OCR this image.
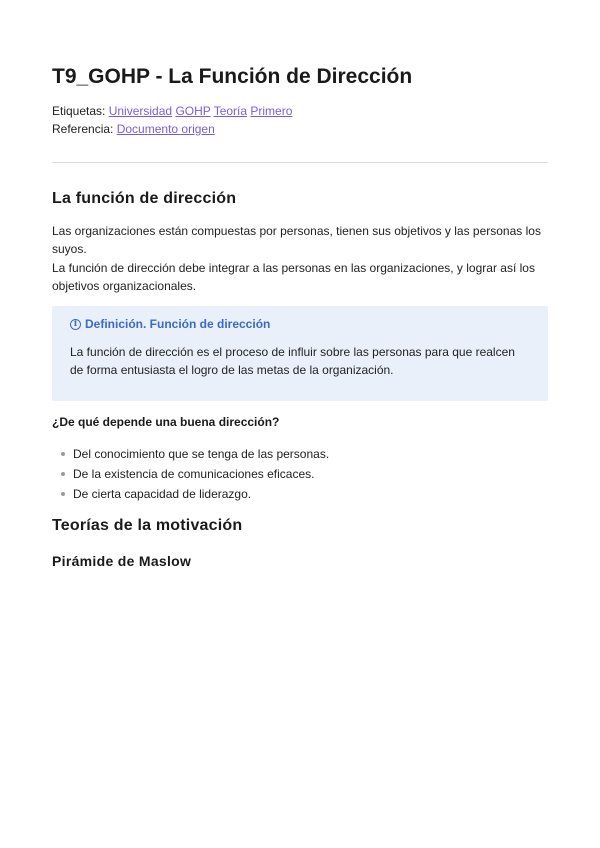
T9_GOHP - La Función de Dirección
Etiquetas: Universidad GOHP Teoría Primero
Referencia: Documento origen
La función de dirección

Las organizaciones están compuestas por personas, tienen sus objetivos y las personas los suyos.

La función de dirección debe integrar a las personas en las organizaciones, y lograr así los objetivos organizacionales.

i Definición. Función de dirección
La función de dirección es el proceso de influir sobre las personas para que realcen de forma entusiasta el logro de las metas de la organización.

¿De qué depende una buena dirección?

Del conocimiento que se tenga de las personas.
De la existencia de comunicaciones eficaces.
De cierta capacidad de liderazgo.
Teorías de la motivación
Pirámide de Maslow
